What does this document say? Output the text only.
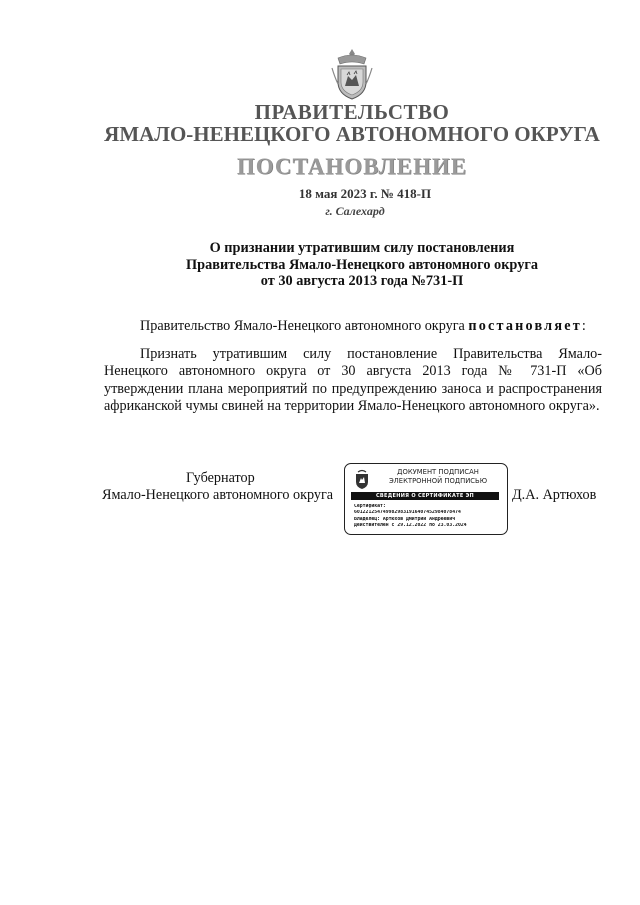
ПРАВИТЕЛЬСТВО
ЯМАЛО-НЕНЕЦКОГО АВТОНОМНОГО ОКРУГА
ПОСТАНОВЛЕНИЕ
18 мая 2023 г. № 418-П
г. Салехард
О признании утратившим силу постановления
Правительства Ямало-Ненецкого автономного округа
от 30 августа 2013 года №731-П
Правительство Ямало-Ненецкого автономного округа постановляет:
Признать утратившим силу постановление Правительства Ямало-Ненецкого автономного округа от 30 августа 2013 года № 731-П «Об утверждении плана мероприятий по предупреждению заноса и распространения африканской чумы свиней на территории Ямало-Ненецкого автономного округа».
Губернатор
Ямало-Ненецкого автономного округа	Д.А. Артюхов
ДОКУМЕНТ ПОДПИСАН
ЭЛЕКТРОННОЙ ПОДПИСЬЮ
СВЕДЕНИЯ О СЕРТИФИКАТЕ ЭП
Сертификат:
6012212547499829831916407452984078474
Владелец: Артюхов Дмитрий Андреевич
Действителен с 29.12.2022 по 23.03.2024
